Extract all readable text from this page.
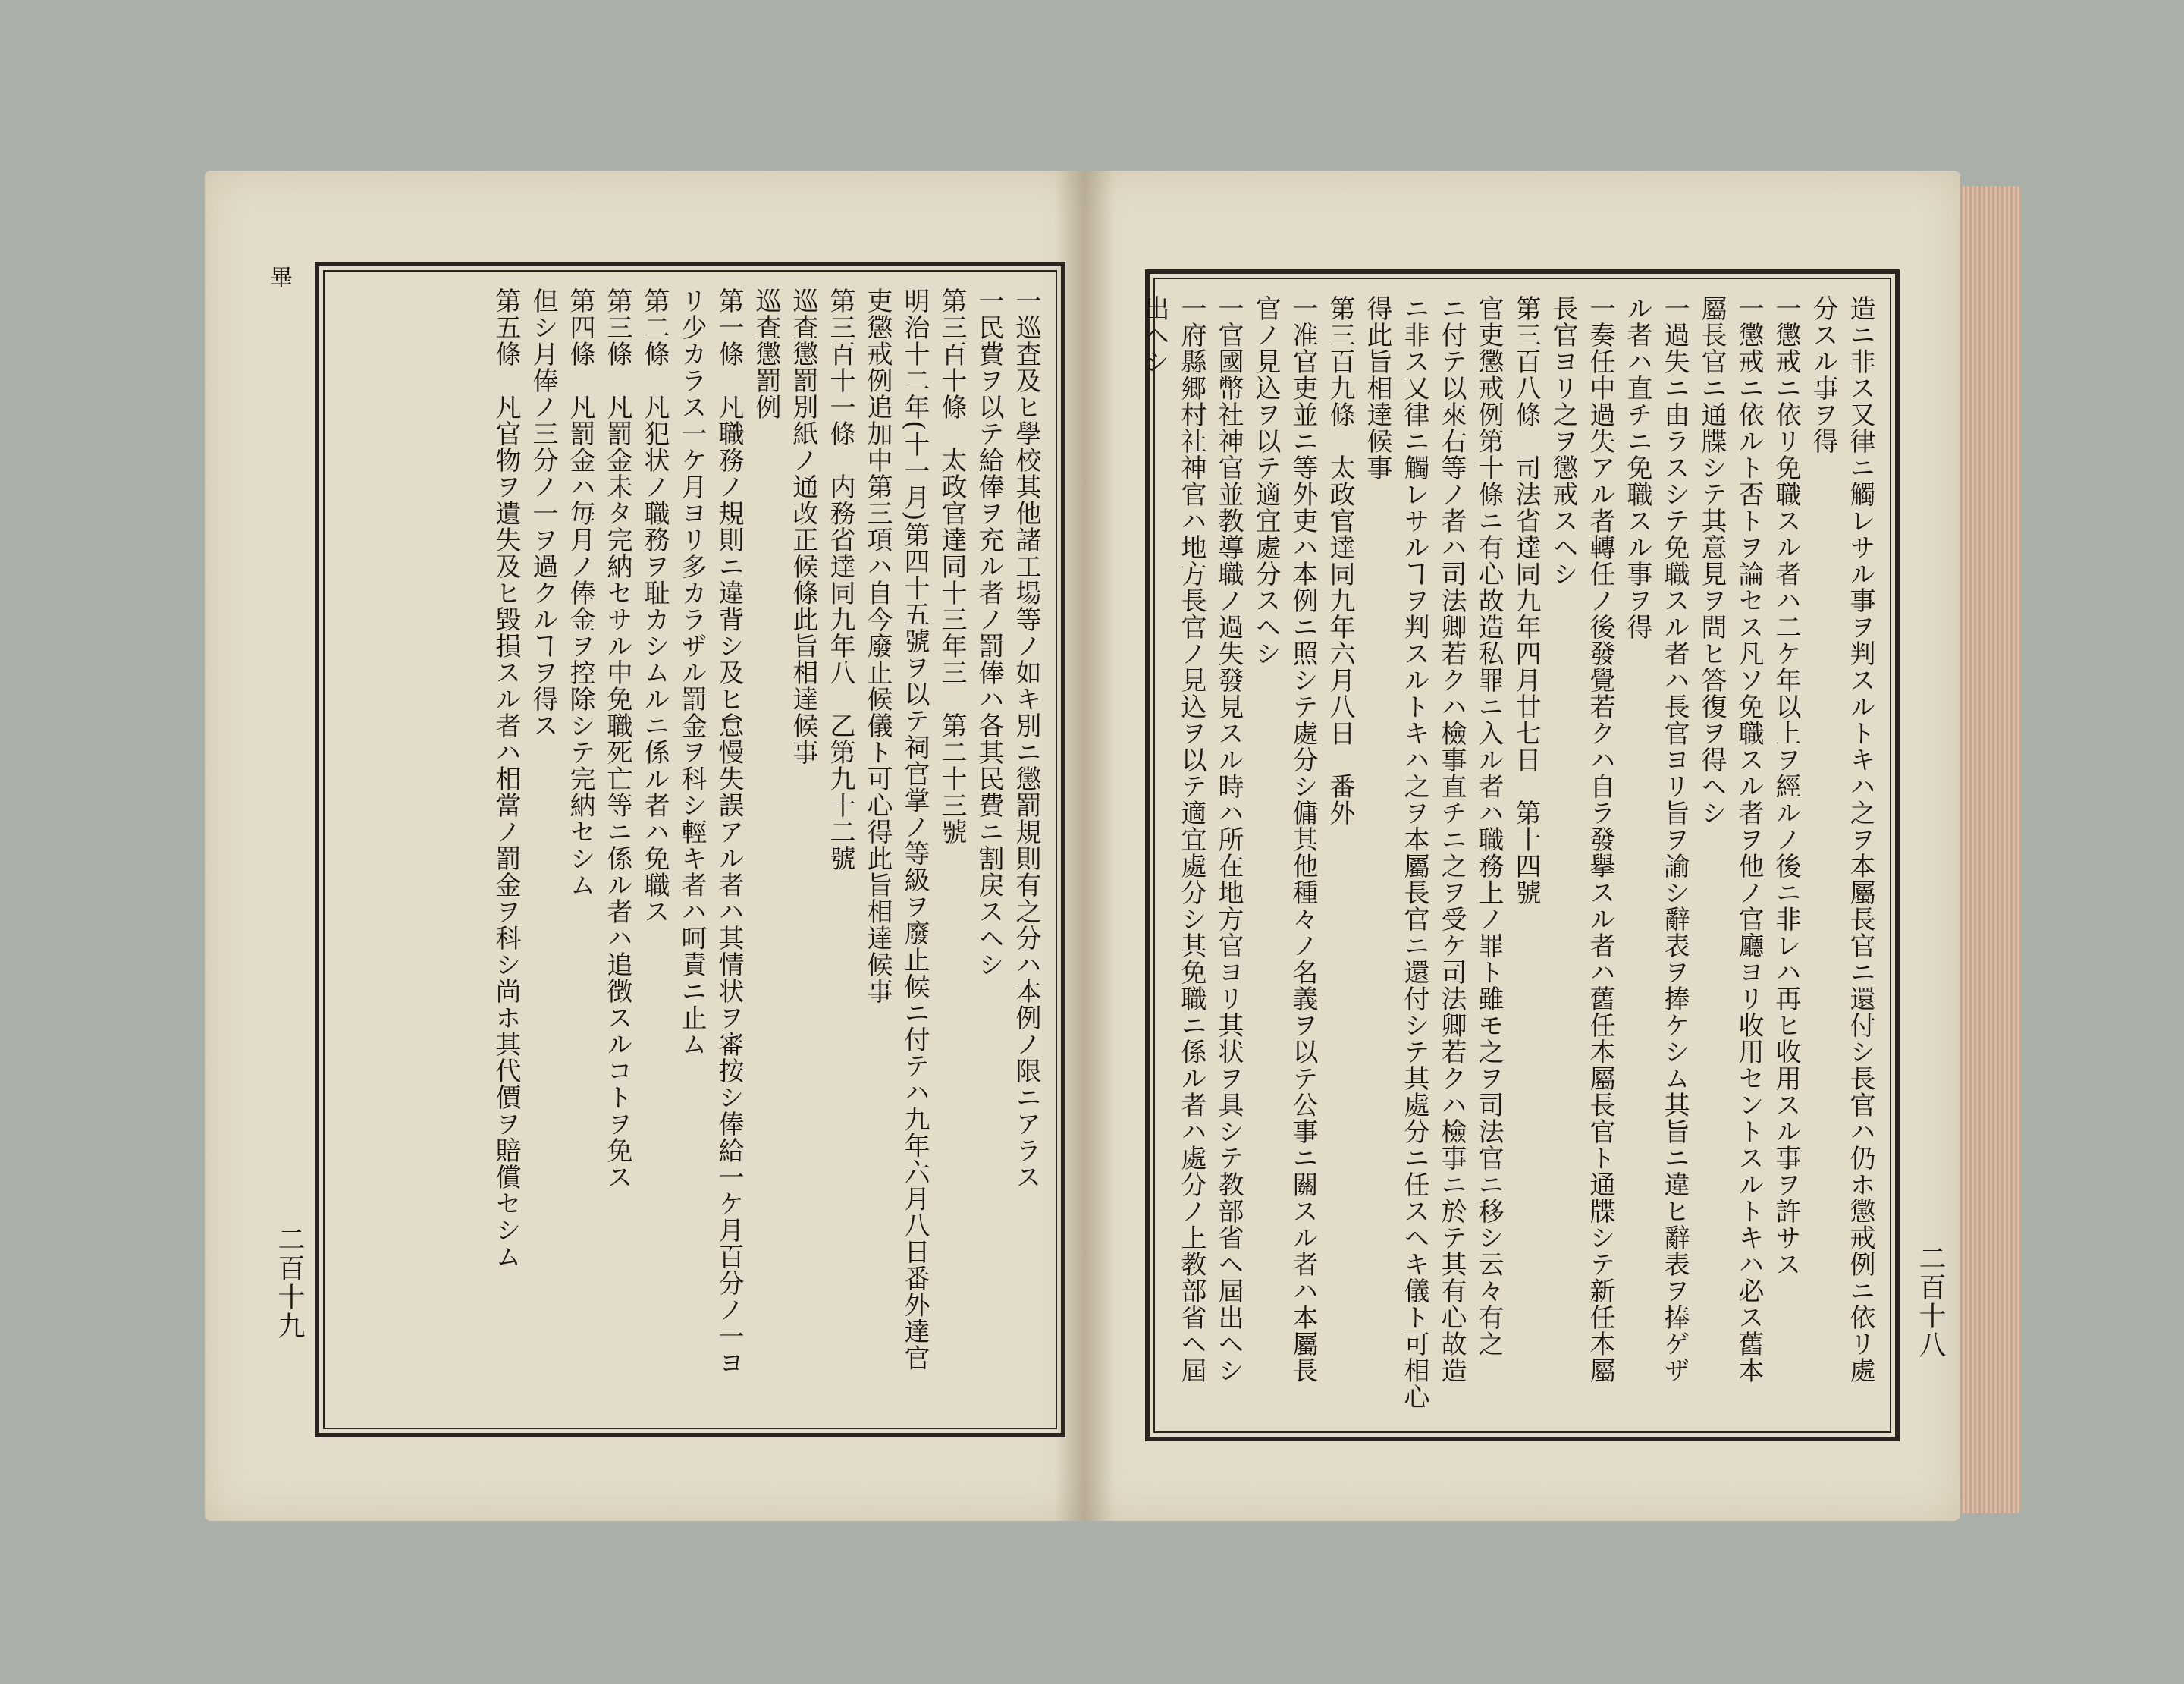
畢
一巡査及ヒ學校其他諸工場等ノ如キ別ニ懲罰規則有之分ハ本例ノ限ニアラス
一民費ヲ以テ給俸ヲ充ル者ノ罰俸ハ各其民費ニ割戻スヘシ
第三百十條　太政官達同十三年三　第二十三號
明治十二年(十一月)第四十五號ヲ以テ祠官掌ノ等級ヲ廢止候ニ付テハ九年六月八日番外達官
吏懲戒例追加中第三項ハ自今廢止候儀ト可心得此旨相達候事
第三百十一條　内務省達同九年八　乙第九十二號
巡査懲罰別紙ノ通改正候條此旨相達候事
巡査懲罰例
第一條　凡職務ノ規則ニ違背シ及ヒ怠慢失誤アル者ハ其情状ヲ審按シ俸給一ケ月百分ノ一ヨ
リ少カラス一ケ月ヨリ多カラザル罰金ヲ科シ輕キ者ハ呵責ニ止ム
第二條　凡犯状ノ職務ヲ耻カシムルニ係ル者ハ免職ス
第三條　凡罰金未タ完納セサル中免職死亡等ニ係ル者ハ追徴スルコトヲ免ス
第四條　凡罰金ハ毎月ノ俸金ヲ控除シテ完納セシム
但シ月俸ノ三分ノ一ヲ過クルヿヲ得ス
第五條　凡官物ヲ遺失及ヒ毀損スル者ハ相當ノ罰金ヲ科シ尚ホ其代價ヲ賠償セシム
二百十九	造ニ非ス又律ニ觸レサル事ヲ判スルトキハ之ヲ本屬長官ニ還付シ長官ハ仍ホ懲戒例ニ依リ處
分スル事ヲ得
一懲戒ニ依リ免職スル者ハ二ケ年以上ヲ經ルノ後ニ非レハ再ヒ收用スル事ヲ許サス
一懲戒ニ依ルト否トヲ論セス凡ソ免職スル者ヲ他ノ官廳ヨリ收用セントスルトキハ必ス舊本
屬長官ニ通牒シテ其意見ヲ問ヒ答復ヲ得ヘシ
一過失ニ由ラスシテ免職スル者ハ長官ヨリ旨ヲ諭シ辭表ヲ捧ケシム其旨ニ違ヒ辭表ヲ捧ゲザ
ル者ハ直チニ免職スル事ヲ得
一奏任中過失アル者轉任ノ後發覺若クハ自ラ發擧スル者ハ舊任本屬長官ト通牒シテ新任本屬
長官ヨリ之ヲ懲戒スヘシ
第三百八條　司法省達同九年四月廿七日　第十四號
官吏懲戒例第十條ニ有心故造私罪ニ入ル者ハ職務上ノ罪ト雖モ之ヲ司法官ニ移シ云々有之
ニ付テ以來右等ノ者ハ司法卿若クハ檢事直チニ之ヲ受ケ司法卿若クハ檢事ニ於テ其有心故造
ニ非ス又律ニ觸レサルヿヲ判スルトキハ之ヲ本屬長官ニ還付シテ其處分ニ任スヘキ儀ト可相心
得此旨相達候事
第三百九條　太政官達同九年六月八日　番外
一准官吏並ニ等外吏ハ本例ニ照シテ處分シ傭其他種々ノ名義ヲ以テ公事ニ關スル者ハ本屬長
官ノ見込ヲ以テ適宜處分スヘシ
一官國幣社神官並教導職ノ過失發見スル時ハ所在地方官ヨリ其状ヲ具シテ教部省ヘ屆出ヘシ
一府縣郷村社神官ハ地方長官ノ見込ヲ以テ適宜處分シ其免職ニ係ル者ハ處分ノ上教部省ヘ屆
出ヘシ
二百十八
